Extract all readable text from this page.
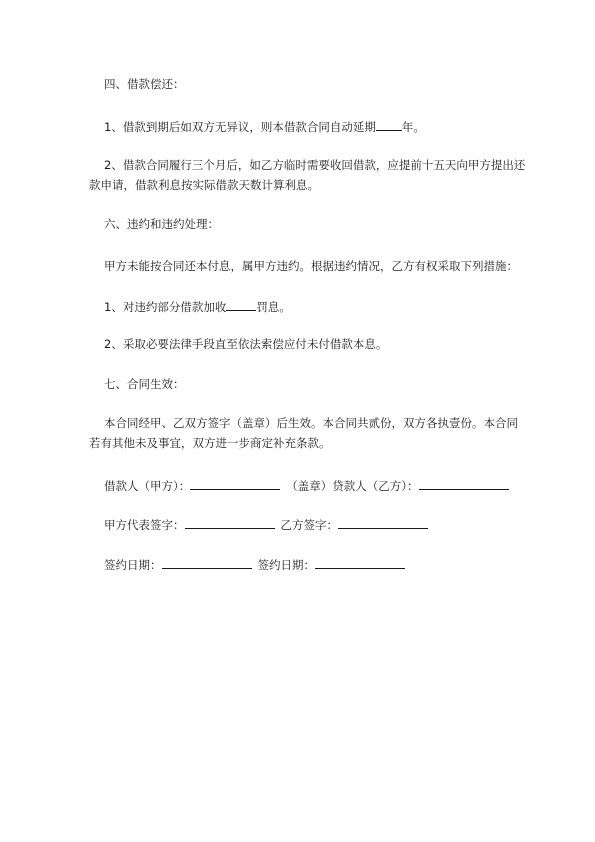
四、借款偿还：
1、借款到期后如双方无异议，则本借款合同自动延期 年。
2、借款合同履行三个月后，如乙方临时需要收回借款，应提前十五天向甲方提出还款申请，借款利息按实际借款天数计算利息。
六、违约和违约处理：
甲方未能按合同还本付息，属甲方违约。根据违约情况，乙方有权采取下列措施：
1、对违约部分借款加收	罚息。
2、采取必要法律手段直至依法索偿应付未付借款本息。
七、合同生效：
本合同经甲、乙双方签字（盖章）后生效。本合同共贰份，双方各执壹份。本合同若有其他未及事宜，双方进一步商定补充条款。
借款人（甲方）：	（盖章）贷款人（乙方）：
甲方代表签字：	乙方签字：
签约日期：	签约日期：
